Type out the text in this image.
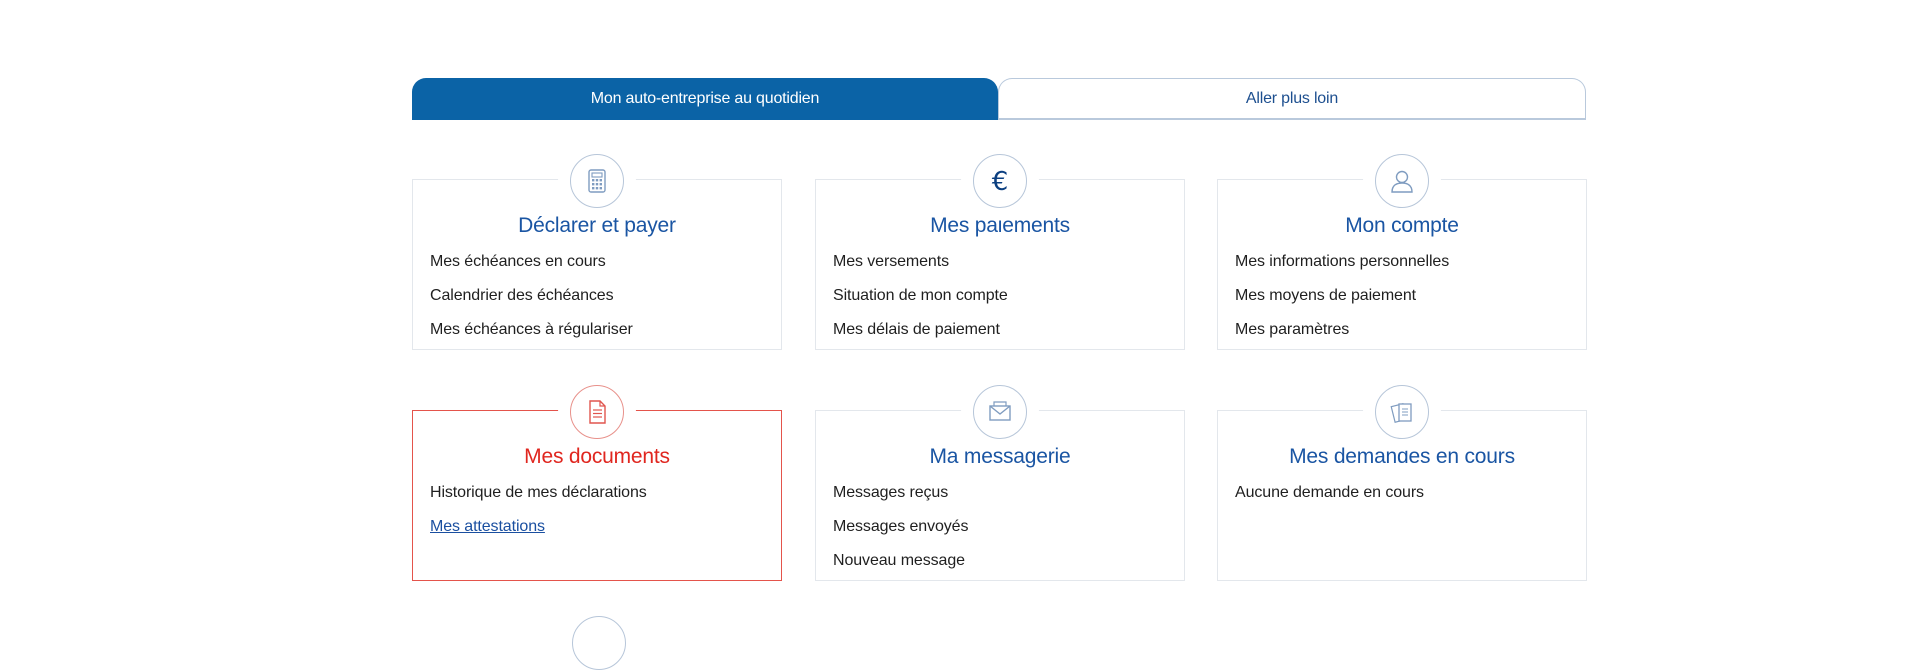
Mon auto-entreprise au quotidien	Aller plus loin
Déclarer et payer
Mes échéances en cours
Calendrier des échéances
Mes échéances à régulariser
€
Mes paiements
Mes versements
Situation de mon compte
Mes délais de paiement
Mon compte
Mes informations personnelles
Mes moyens de paiement
Mes paramètres
Mes documents
Historique de mes déclarations
Mes attestations
Ma messagerie
Messages reçus
Messages envoyés
Nouveau message
Mes demandes en cours
Aucune demande en cours
